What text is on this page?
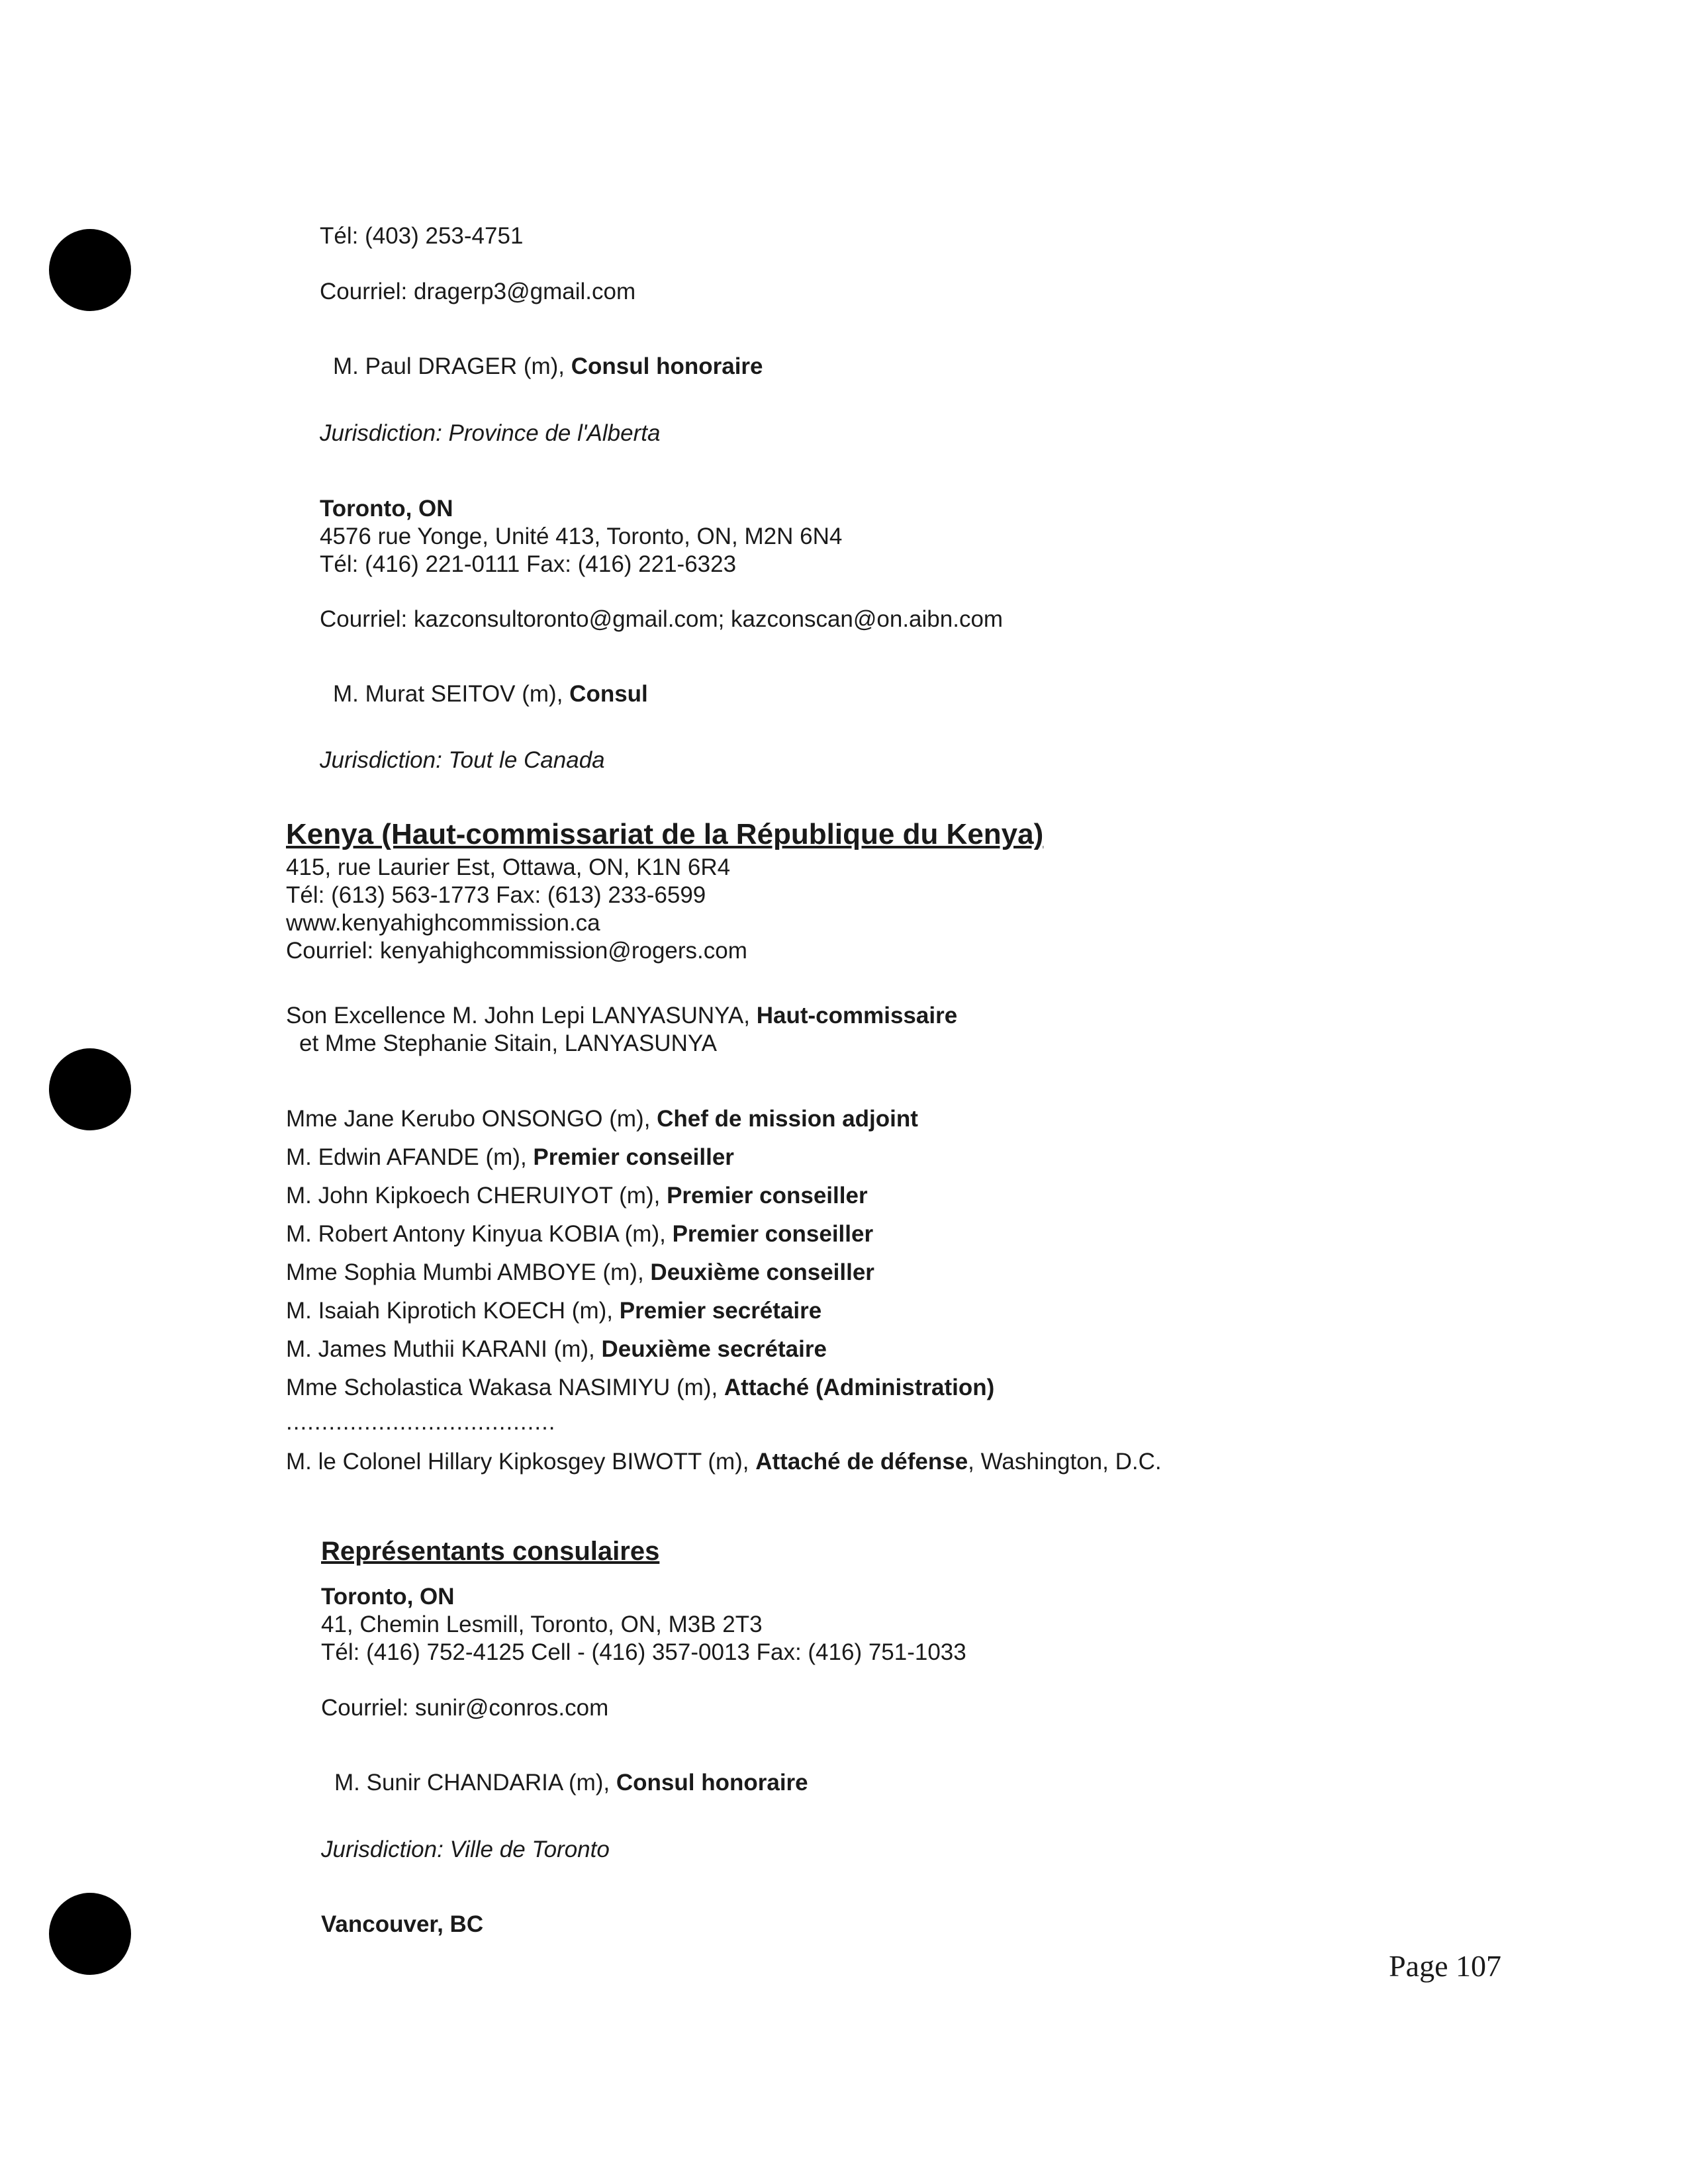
Tél: (403) 253-4751
Courriel: dragerp3@gmail.com
M. Paul DRAGER (m), Consul honoraire
Jurisdiction: Province de l'Alberta
Toronto, ON
4576 rue Yonge, Unité 413, Toronto, ON, M2N 6N4
Tél: (416) 221-0111 Fax: (416) 221-6323
Courriel: kazconsultoronto@gmail.com; kazconscan@on.aibn.com
M. Murat SEITOV (m), Consul
Jurisdiction: Tout le Canada
Kenya (Haut-commissariat de la République du Kenya)
415, rue Laurier Est, Ottawa, ON, K1N 6R4
Tél: (613) 563-1773 Fax: (613) 233-6599
www.kenyahighcommission.ca
Courriel: kenyahighcommission@rogers.com
Son Excellence M. John Lepi LANYASUNYA, Haut-commissaire
et Mme Stephanie Sitain, LANYASUNYA
Mme Jane Kerubo ONSONGO (m), Chef de mission adjoint
M. Edwin AFANDE (m), Premier conseiller
M. John Kipkoech CHERUIYOT (m), Premier conseiller
M. Robert Antony Kinyua KOBIA (m), Premier conseiller
Mme Sophia Mumbi AMBOYE (m), Deuxième conseiller
M. Isaiah Kiprotich KOECH (m), Premier secrétaire
M. James Muthii KARANI (m), Deuxième secrétaire
Mme Scholastica Wakasa NASIMIYU (m), Attaché (Administration)
......................................
M. le Colonel Hillary Kipkosgey BIWOTT (m), Attaché de défense, Washington, D.C.
Représentants consulaires
Toronto, ON
41, Chemin Lesmill, Toronto, ON, M3B 2T3
Tél: (416) 752-4125 Cell - (416) 357-0013 Fax: (416) 751-1033
Courriel: sunir@conros.com
M. Sunir CHANDARIA (m), Consul honoraire
Jurisdiction: Ville de Toronto
Vancouver, BC
Page 107
